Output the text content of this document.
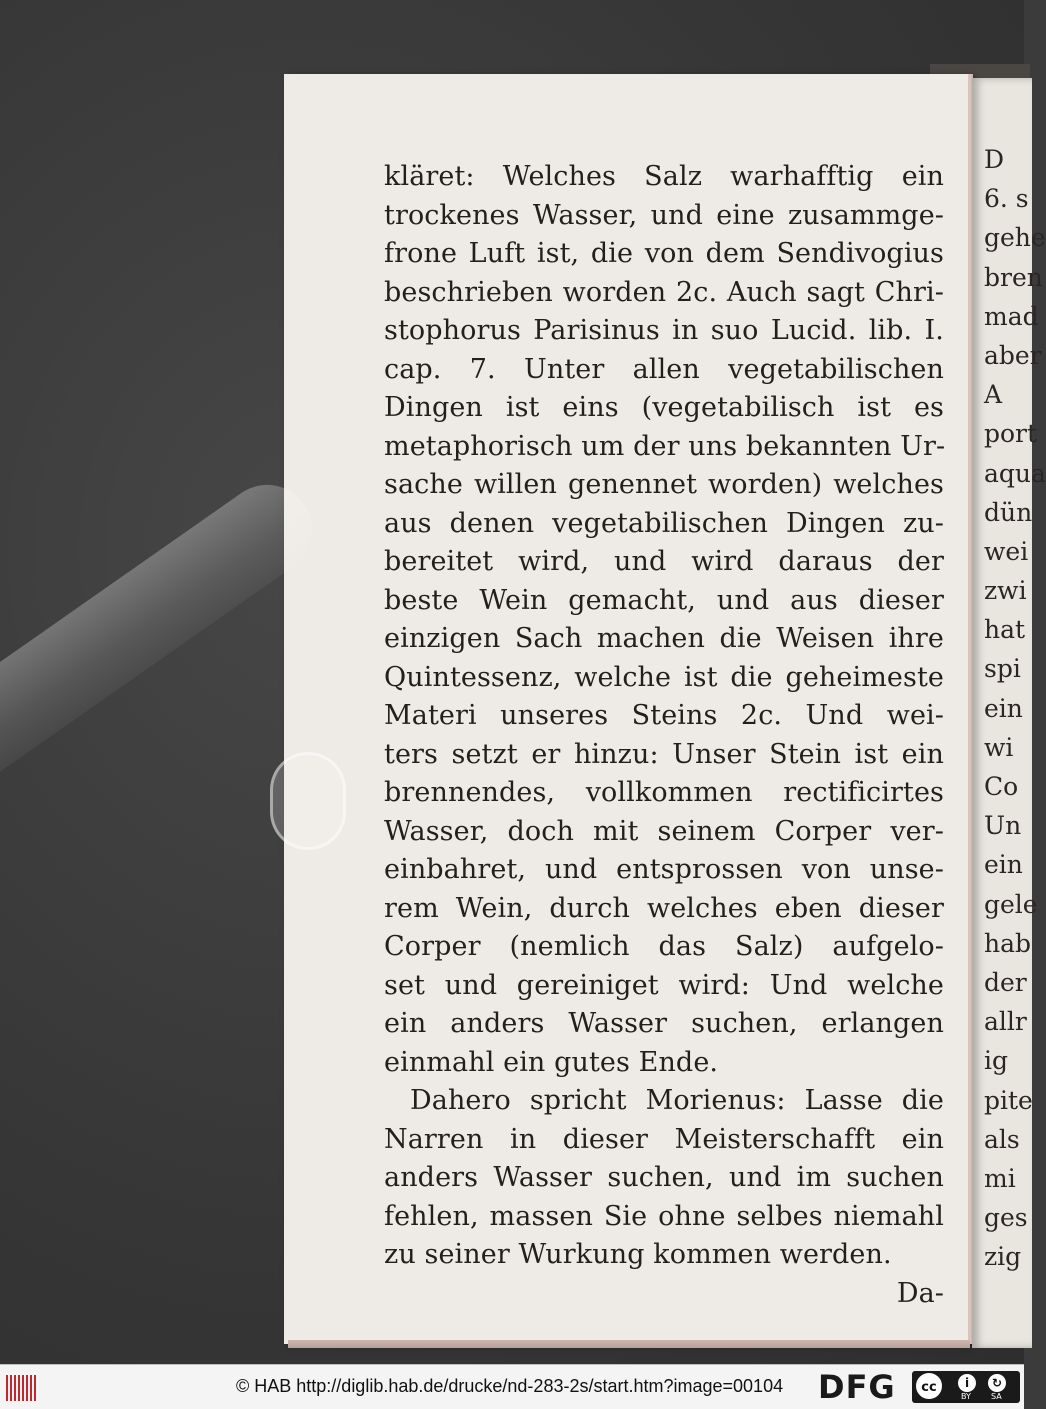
D
6. s
gehe
bren
mad
aber
A
port
aqua
dün
wei
zwi
hat
spi
ein
wi
Co
Un
ein
gele
hab
der
allr
ig
pite
als
mi
ges
zig
kläret: Welches Salz warhafftig ein
trockenes Wasser, und eine zusammge-
frone Luft ist, die von dem Sendivogius
beschrieben worden 2c. Auch sagt Chri-
stophorus Parisinus in suo Lucid. lib. I.
cap. 7. Unter allen vegetabilischen
Dingen ist eins (vegetabilisch ist es
metaphorisch um der uns bekannten Ur-
sache willen genennet worden) welches
aus denen vegetabilischen Dingen zu-
bereitet wird, und wird daraus der
beste Wein gemacht, und aus dieser
einzigen Sach machen die Weisen ihre
Quintessenz, welche ist die geheimeste
Materi unseres Steins 2c. Und wei-
ters setzt er hinzu: Unser Stein ist ein
brennendes, vollkommen rectificirtes
Wasser, doch mit seinem Corper ver-
einbahret, und entsprossen von unse-
rem Wein, durch welches eben dieser
Corper (nemlich das Salz) aufgelo-
set und gereiniget wird: Und welche
ein anders Wasser suchen, erlangen
einmahl ein gutes Ende.
Dahero spricht Morienus: Lasse die
Narren in dieser Meisterschafft ein
anders Wasser suchen, und im suchen
fehlen, massen Sie ohne selbes niemahl
zu seiner Wurkung kommen werden.
Da-
© HAB http://diglib.hab.de/drucke/nd-283-2s/start.htm?image=00104 DFG	cc	i	↻
BY	SA
